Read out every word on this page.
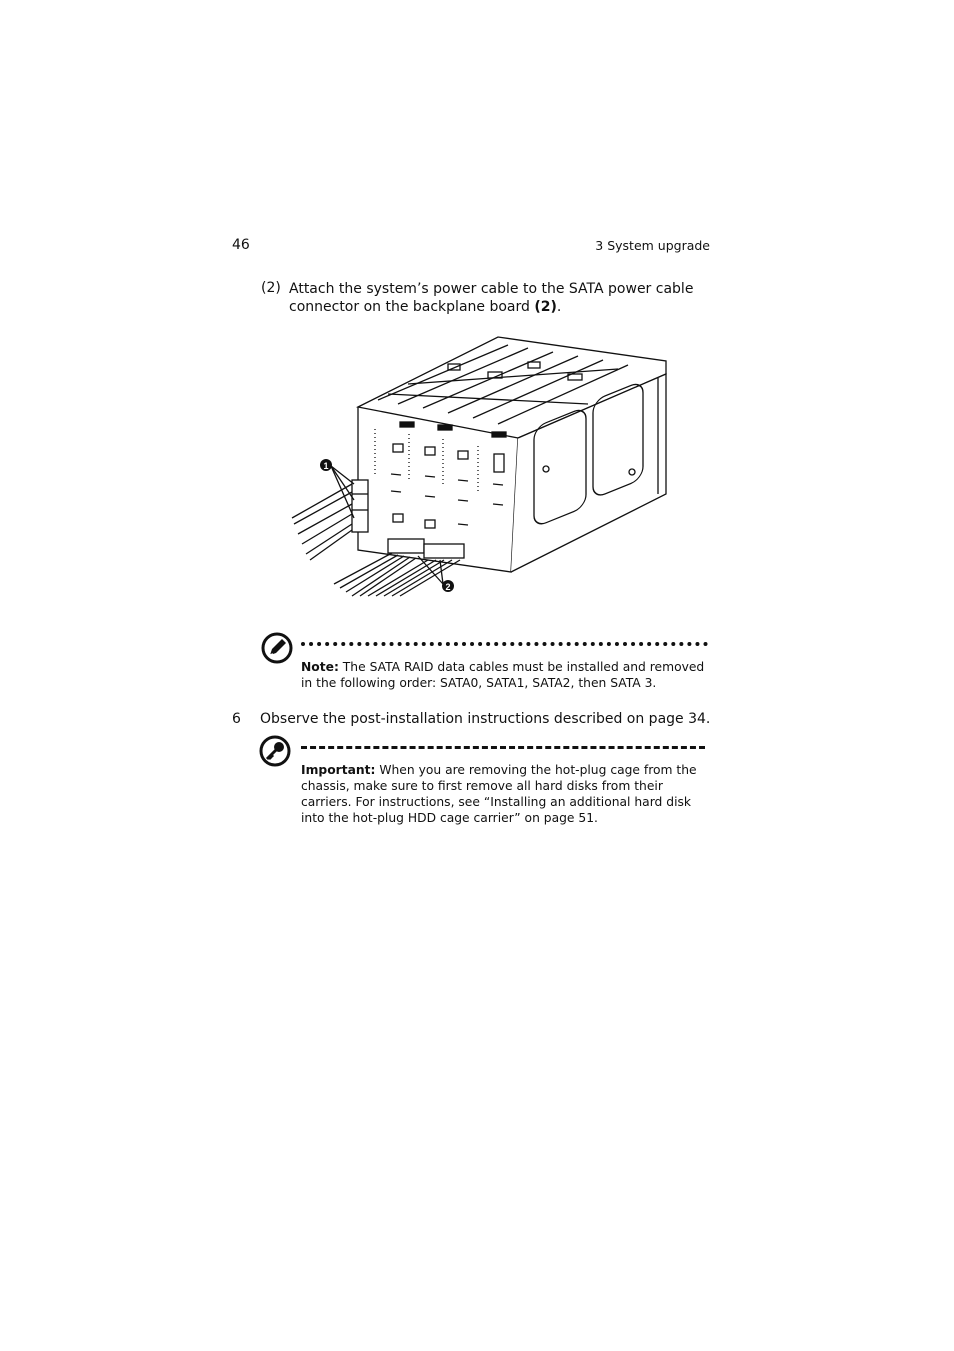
46	3 System upgrade
(2) Attach the system’s power cable to the SATA power cable connector on the backplane board (2).
1
2
Note: The SATA RAID data cables must be installed and removed in the following order: SATA0, SATA1, SATA2, then SATA 3.
6 Observe the post-installation instructions described on page 34.
Important: When you are removing the hot-plug cage from the chassis, make sure to first remove all hard disks from their carriers. For instructions, see “Installing an additional hard disk into the hot-plug HDD cage carrier” on page 51.
